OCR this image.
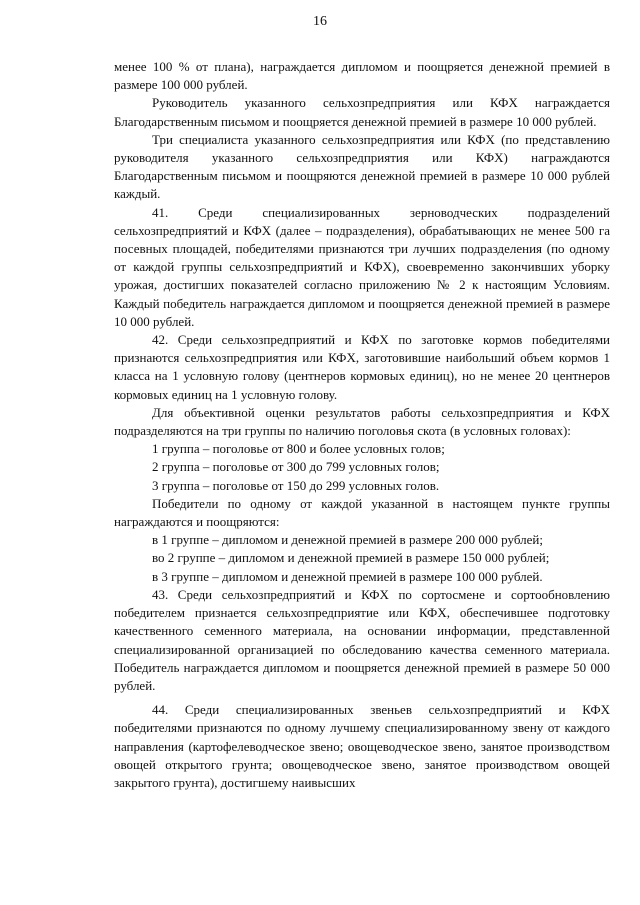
16

менее 100 % от плана), награждается дипломом и поощряется денежной премией в размере 100 000 рублей.

Руководитель указанного сельхозпредприятия или КФХ награждается Благодарственным письмом и поощряется денежной премией в размере 10 000 рублей.

Три специалиста указанного сельхозпредприятия или КФХ (по представлению руководителя указанного сельхозпредприятия или КФХ) награждаются Благодарственным письмом и поощряются денежной премией в размере 10 000 рублей каждый.

41. Среди специализированных зерноводческих подразделений сельхозпредприятий и КФХ (далее – подразделения), обрабатывающих не менее 500 га посевных площадей, победителями признаются три лучших подразделения (по одному от каждой группы сельхозпредприятий и КФХ), своевременно закончивших уборку урожая, достигших показателей согласно приложению № 2 к настоящим Условиям. Каждый победитель награждается дипломом и поощряется денежной премией в размере 10 000 рублей.

42. Среди сельхозпредприятий и КФХ по заготовке кормов победителями признаются сельхозпредприятия или КФХ, заготовившие наибольший объем кормов 1 класса на 1 условную голову (центнеров кормовых единиц), но не менее 20 центнеров кормовых единиц на 1 условную голову.

Для объективной оценки результатов работы сельхозпредприятия и КФХ подразделяются на три группы по наличию поголовья скота (в условных головах):

1 группа – поголовье от 800 и более условных голов;

2 группа – поголовье от 300 до 799 условных голов;

3 группа – поголовье от 150 до 299 условных голов.

Победители по одному от каждой указанной в настоящем пункте группы награждаются и поощряются:

в 1 группе – дипломом и денежной премией в размере 200 000 рублей;

во 2 группе – дипломом и денежной премией в размере 150 000 рублей;

в 3 группе – дипломом и денежной премией в размере 100 000 рублей.

43. Среди сельхозпредприятий и КФХ по сортосмене и сортообновлению победителем признается сельхозпредприятие или КФХ, обеспечившее подготовку качественного семенного материала, на основании информации, представленной специализированной организацией по обследованию качества семенного материала. Победитель награждается дипломом и поощряется денежной премией в размере 50 000 рублей.

44. Среди специализированных звеньев сельхозпредприятий и КФХ победителями признаются по одному лучшему специализированному звену от каждого направления (картофелеводческое звено; овощеводческое звено, занятое производством овощей открытого грунта; овощеводческое звено, занятое производством овощей закрытого грунта), достигшему наивысших
